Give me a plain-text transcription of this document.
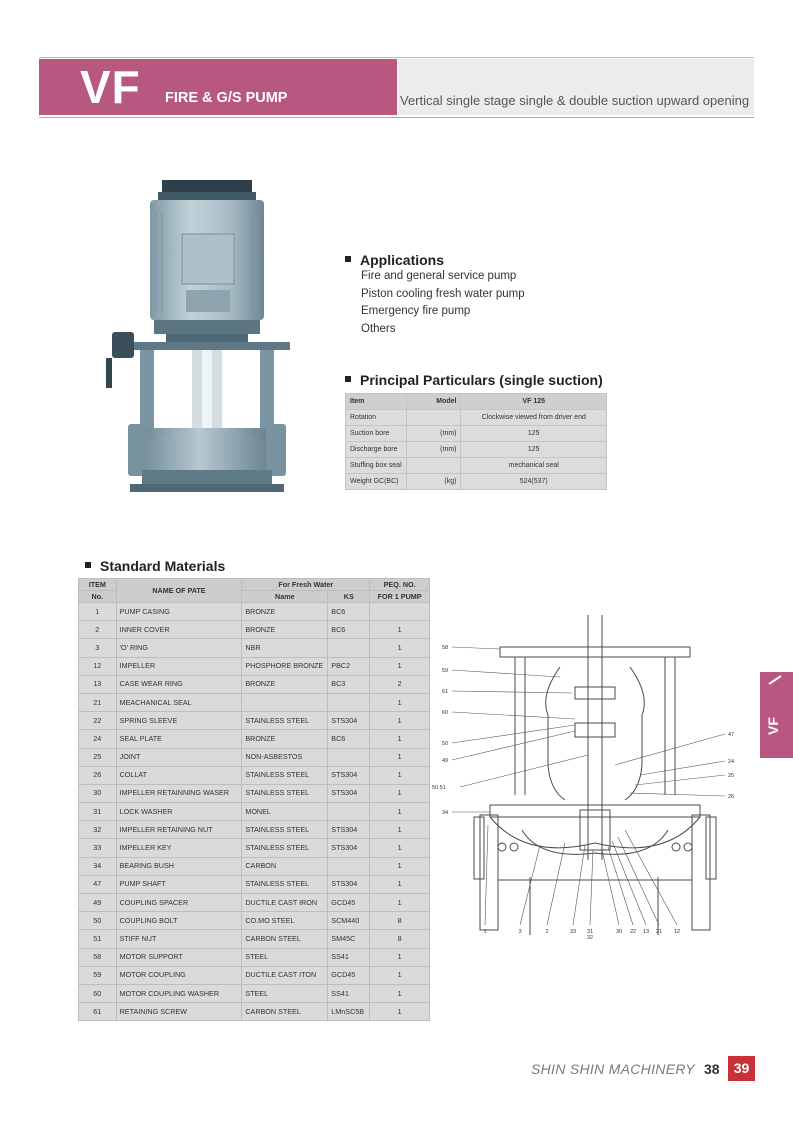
VF FIRE & G/S PUMP	Vertical single stage single & double suction upward opening
Applications
Fire and general service pump
Piston cooling fresh water pump
Emergency fire pump
Others
Principal Particulars (single suction)
Item	Model	VF 125
Rotation		Clockwise viewed from driver end
Suction bore	(mm)	125
Discharge bore	(mm)	125
Stuffing box seal		mechanical seal
Weight GC(BC)	(kg)	524(537)
Standard Materials
ITEM	NAME OF PATE	For Fresh Water		PEQ. NO.
No.		Name	KS	FOR 1 PUMP
1	PUMP CASING	BRONZE	BC6	
2	INNER COVER	BRONZE	BC6	1
3	'O' RING	NBR		1
12	IMPELLER	PHOSPHORE BRONZE	PBC2	1
13	CASE WEAR RING	BRONZE	BC3	2
21	MEACHANICAL SEAL			1
22	SPRING SLEEVE	STAINLESS STEEL	STS304	1
24	SEAL PLATE	BRONZE	BC6	1
25	JOINT	NON-ASBESTOS		1
26	COLLAT	STAINLESS STEEL	STS304	1
30	IMPELLER RETAINNING WASER	STAINLESS STEEL	STS304	1
31	LOCK WASHER	MONEL		1
32	IMPELLER RETAINING NUT	STAINLESS STEEL	STS304	1
33	IMPELLER KEY	STAINLESS STEEL	STS304	1
34	BEARING BUSH	CARBON		1
47	PUMP SHAFT	STAINLESS STEEL	STS304	1
49	COUPLING SPACER	DUCTILE CAST IRON	GCD45	1
50	COUPLING BOLT	CO.MO STEEL	SCM440	8
51	STIFF NUT	CARBON STEEL	SM45C	8
58	MOTOR SUPPORT	STEEL	SS41	1
59	MOTOR COUPLING	DUCTILE CAST ITON	GCD45	1
60	MOTOR COUPLING WASHER	STEEL	SS41	1
61	RETAINING SCREW	CARBON STEEL	LMnSC5B	1
58
59
61
60
50
49
50 51
34
47
24
25
26
1	3	2	33 31
32
30 22 13 21 12
VF
SHIN SHIN MACHINERY 38	39
